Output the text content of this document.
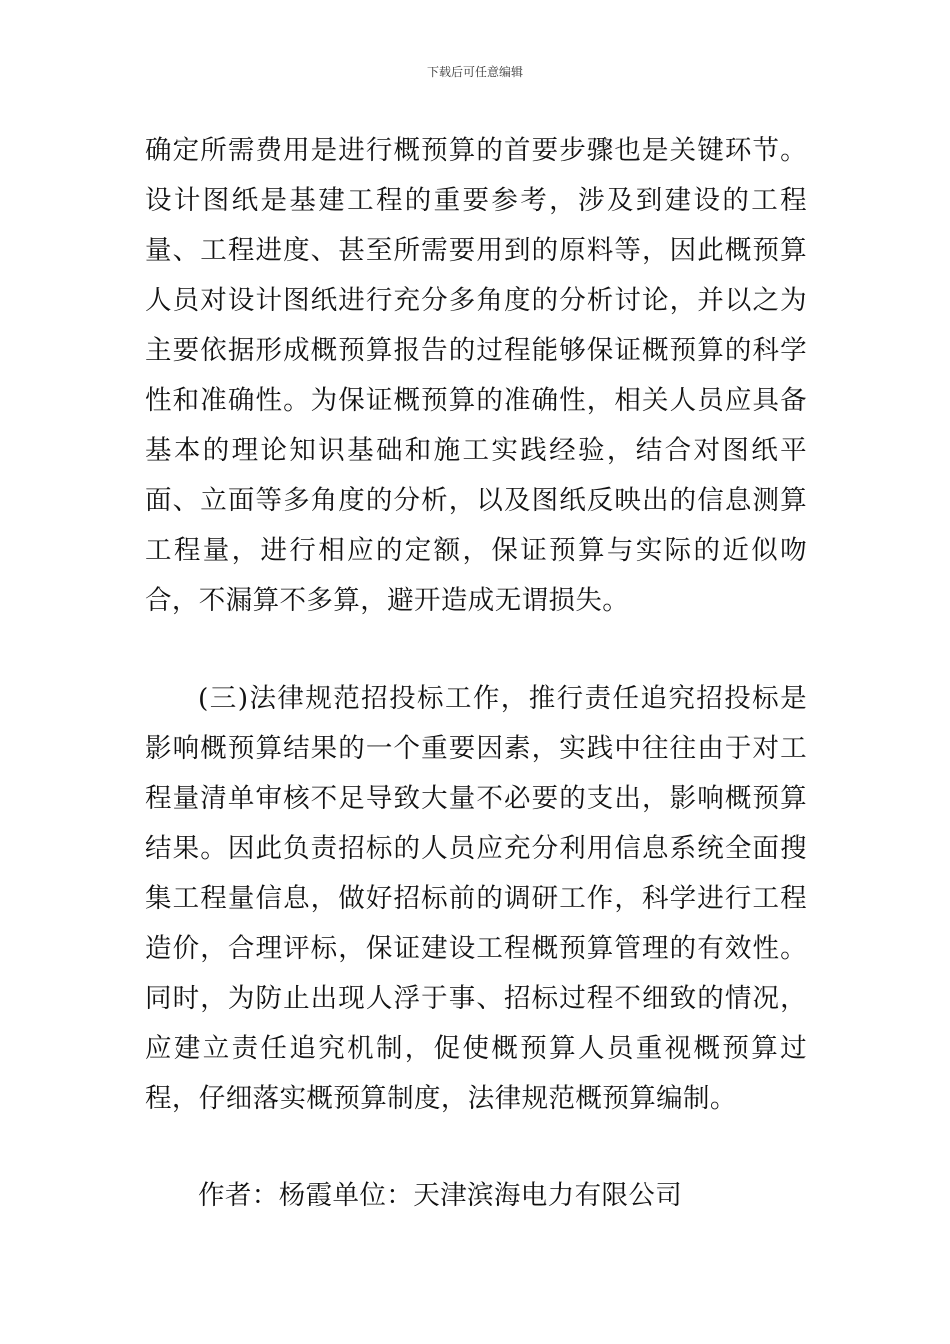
下载后可任意编辑

确定所需费用是进行概预算的首要步骤也是关键环节。设计图纸是基建工程的重要参考，涉及到建设的工程量、工程进度、甚至所需要用到的原料等，因此概预算人员对设计图纸进行充分多角度的分析讨论，并以之为主要依据形成概预算报告的过程能够保证概预算的科学性和准确性。为保证概预算的准确性，相关人员应具备基本的理论知识基础和施工实践经验，结合对图纸平面、立面等多角度的分析，以及图纸反映出的信息测算工程量，进行相应的定额，保证预算与实际的近似吻合，不漏算不多算，避开造成无谓损失。

(三)法律规范招投标工作，推行责任追究招投标是影响概预算结果的一个重要因素，实践中往往由于对工程量清单审核不足导致大量不必要的支出，影响概预算结果。因此负责招标的人员应充分利用信息系统全面搜集工程量信息，做好招标前的调研工作，科学进行工程造价，合理评标，保证建设工程概预算管理的有效性。同时，为防止出现人浮于事、招标过程不细致的情况，应建立责任追究机制，促使概预算人员重视概预算过程，仔细落实概预算制度，法律规范概预算编制。

作者：杨霞单位：天津滨海电力有限公司
